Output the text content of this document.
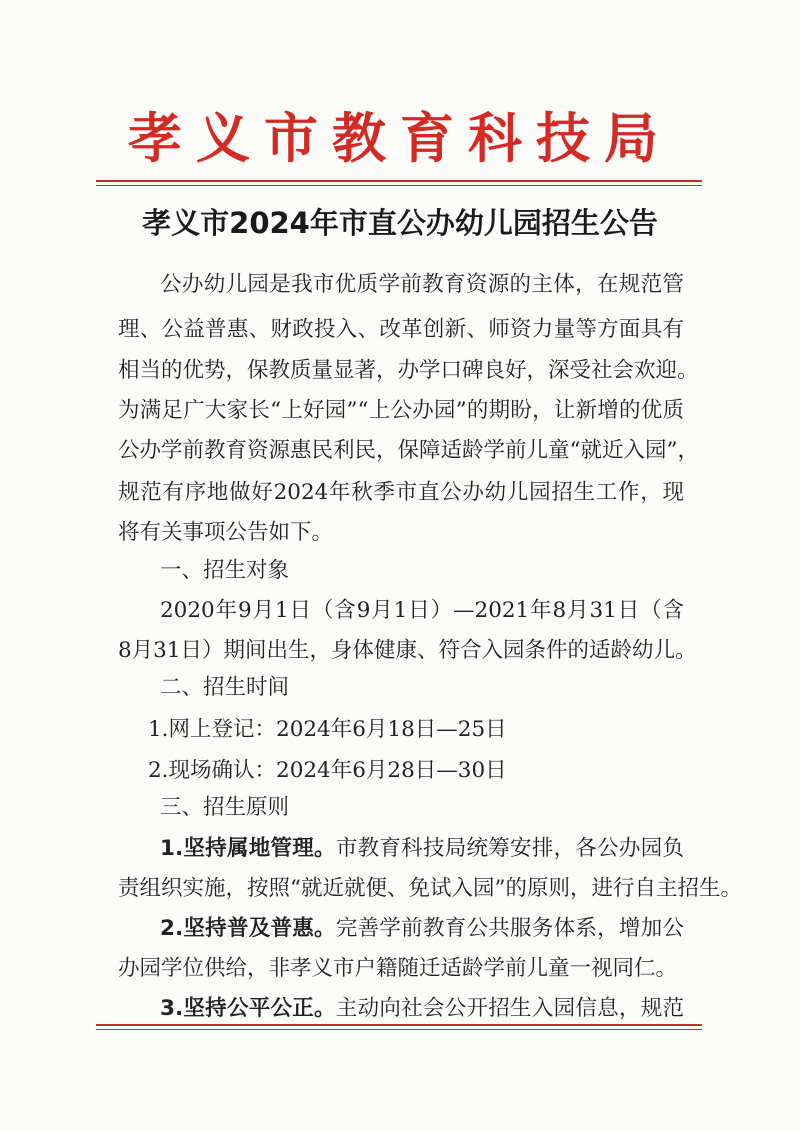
孝义市教育科技局
孝义市2024年市直公办幼儿园招生公告
公办幼儿园是我市优质学前教育资源的主体，在规范管
理、公益普惠、财政投入、改革创新、师资力量等方面具有
相当的优势，保教质量显著，办学口碑良好，深受社会欢迎。
为满足广大家长“上好园”“上公办园”的期盼，让新增的优质
公办学前教育资源惠民利民，保障适龄学前儿童“就近入园”，
规范有序地做好2024年秋季市直公办幼儿园招生工作，现
将有关事项公告如下。
一、招生对象
2020年9月1日（含9月1日）—2021年8月31日（含
8月31日）期间出生，身体健康、符合入园条件的适龄幼儿。
二、招生时间
1.网上登记：2024年6月18日—25日
2.现场确认：2024年6月28日—30日
三、招生原则
1.坚持属地管理。市教育科技局统筹安排，各公办园负
责组织实施，按照“就近就便、免试入园”的原则，进行自主招生。
2.坚持普及普惠。完善学前教育公共服务体系，增加公
办园学位供给，非孝义市户籍随迁适龄学前儿童一视同仁。
3.坚持公平公正。主动向社会公开招生入园信息，规范
